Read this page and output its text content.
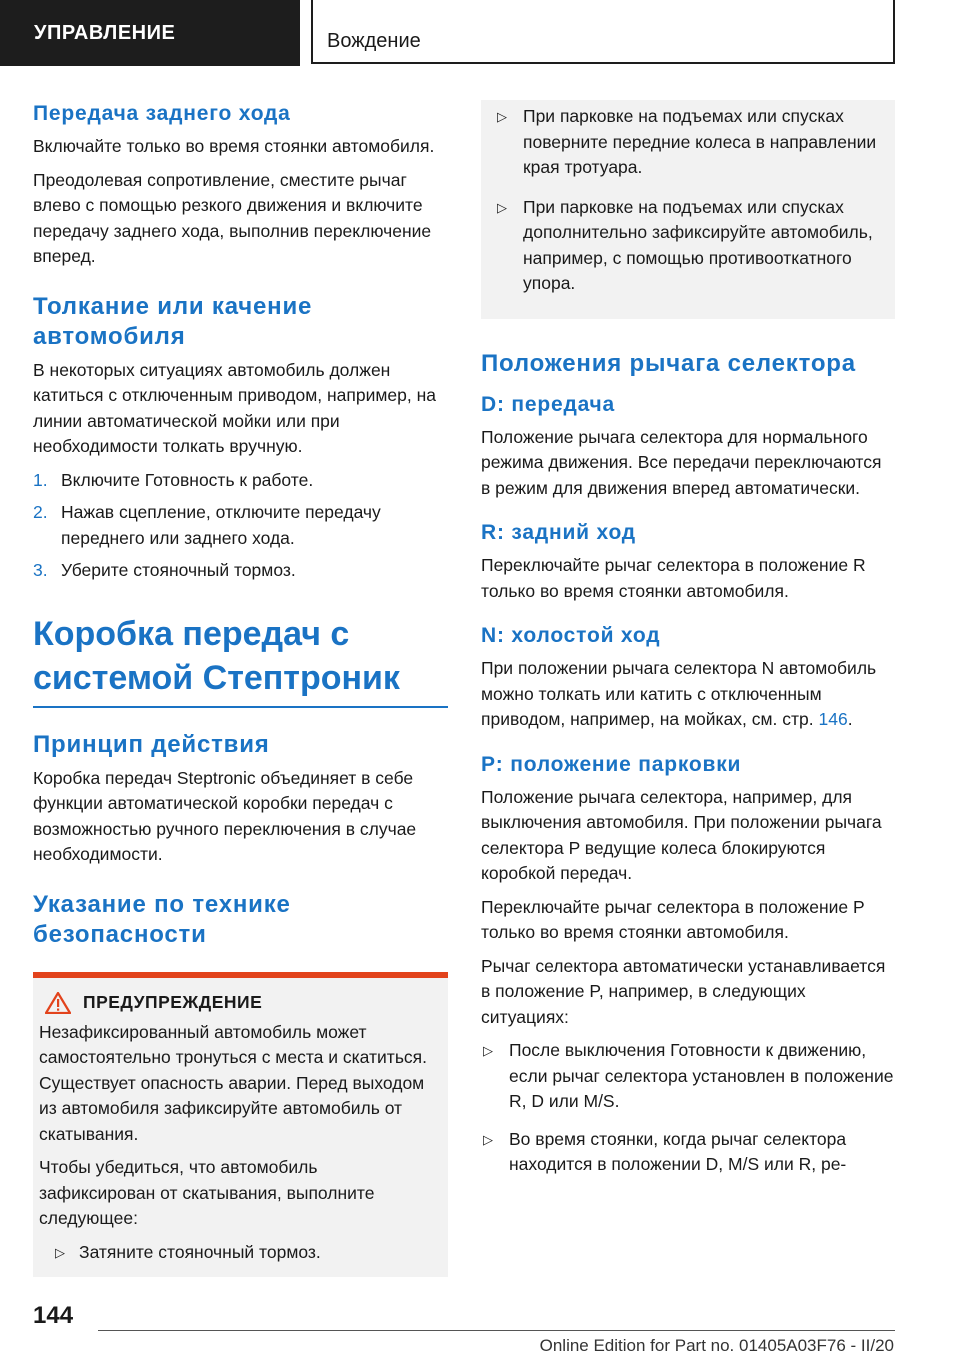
УПРАВЛЕНИЕ	Вождение
Передача заднего хода

Включайте только во время стоянки автомобиля.

Преодолевая сопротивление, сместите рычаг влево с помощью резкого движения и включите передачу заднего хода, выполнив переключение вперед.

Толкание или качение автомобиля

В некоторых ситуациях автомобиль должен катиться с отключенным приводом, например, на линии автоматической мойки или при необходимости толкать вручную.

1. Включите Готовность к работе.
2. Нажав сцепление, отключите передачу переднего или заднего хода.
3. Уберите стояночный тормоз.
Коробка передач с системой Стептроник
Принцип действия

Коробка передач Steptronic объединяет в себе функции автоматической коробки передач с возможностью ручного переключения в случае необходимости.

Указание по технике безопасности
ПРЕДУПРЕЖДЕНИЕ

Незафиксированный автомобиль может самостоятельно тронуться с места и скатиться. Существует опасность аварии. Перед выходом из автомобиля зафиксируйте автомобиль от скатывания.

Чтобы убедиться, что автомобиль зафиксирован от скатывания, выполните следующее:

▷ Затяните стояночный тормоз.
▷ При парковке на подъемах или спусках поверните передние колеса в направлении края тротуара.
▷ При парковке на подъемах или спусках дополнительно зафиксируйте автомобиль, например, с помощью противооткатного упора.
Положения рычага селектора
D: передача

Положение рычага селектора для нормального режима движения. Все передачи переключаются в режим для движения вперед автоматически.

R: задний ход

Переключайте рычаг селектора в положение R только во время стоянки автомобиля.

N: холостой ход

При положении рычага селектора N автомобиль можно толкать или катить с отключенным приводом, например, на мойках, см. стр. 146.

P: положение парковки

Положение рычага селектора, например, для выключения автомобиля. При положении рычага селектора P ведущие колеса блокируются коробкой передач.

Переключайте рычаг селектора в положение P только во время стоянки автомобиля.

Рычаг селектора автоматически устанавливается в положение P, например, в следующих ситуациях:

▷ После выключения Готовности к движению, если рычаг селектора установлен в положение R, D или M/S.
▷ Во время стоянки, когда рычаг селектора находится в положении D, M/S или R, ре-
144
Online Edition for Part no. 01405A03F76 - II/20
